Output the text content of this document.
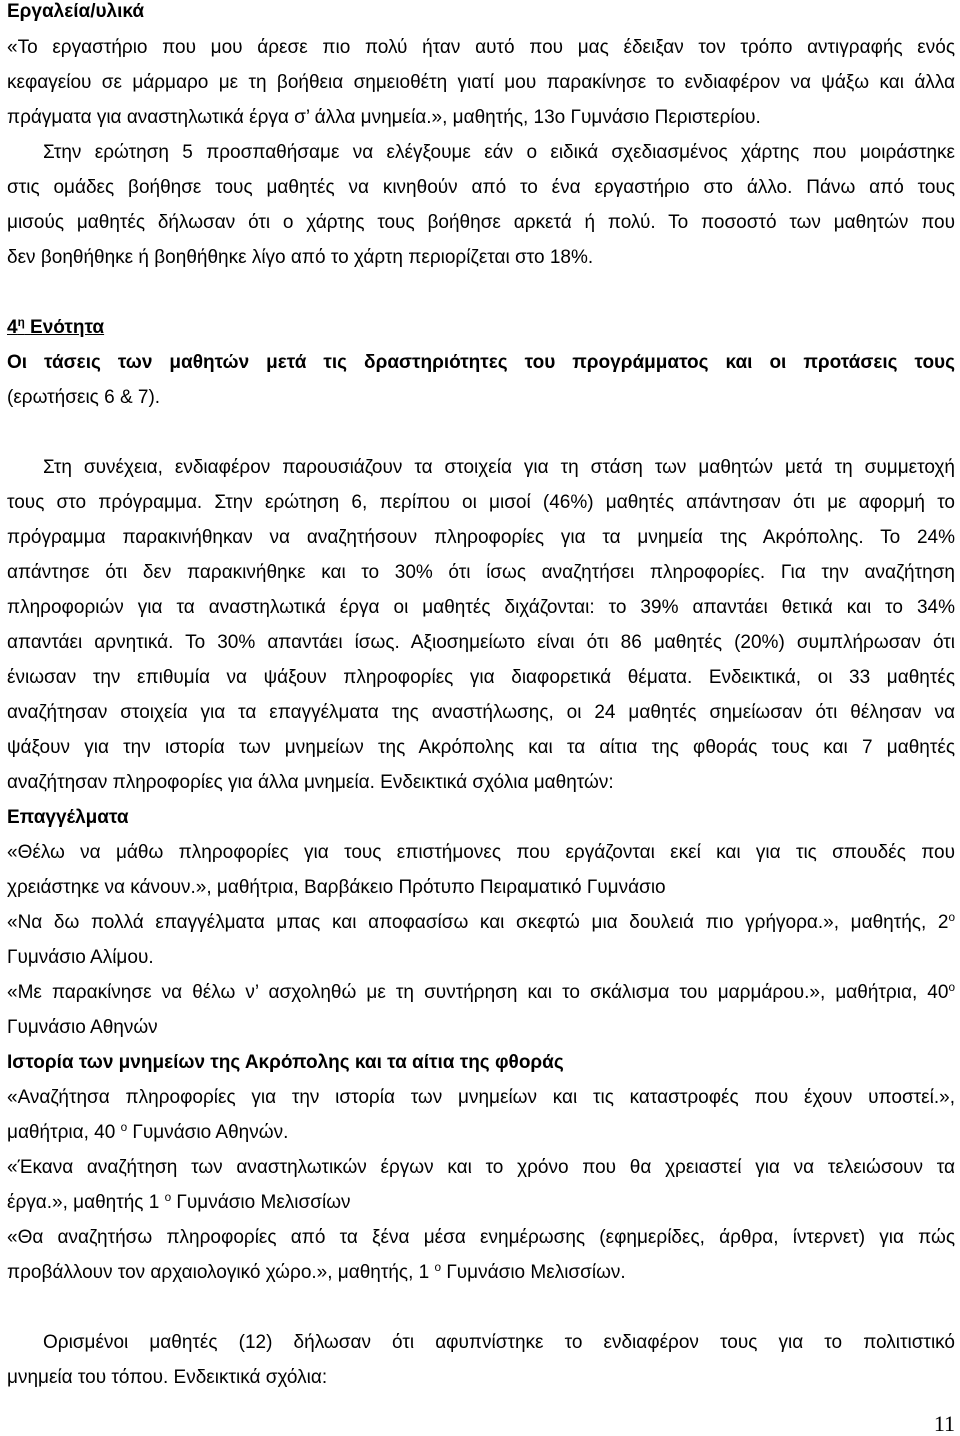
Εργαλεία/υλικά
«Το εργαστήριο που μου άρεσε πιο πολύ ήταν αυτό που μας έδειξαν τον τρόπο αντιγραφής ενός
κεφαγείου σε μάρμαρο με τη βοήθεια σημειοθέτη γιατί μου παρακίνησε το ενδιαφέρον να ψάξω και άλλα
πράγματα για αναστηλωτικά έργα σ’ άλλα μνημεία.», μαθητής, 13ο Γυμνάσιο Περιστερίου.
Στην ερώτηση 5 προσπαθήσαμε να ελέγξουμε εάν ο ειδικά σχεδιασμένος χάρτης που μοιράστηκε
στις ομάδες βοήθησε τους μαθητές να κινηθούν από το ένα εργαστήριο στο άλλο. Πάνω από τους
μισούς μαθητές δήλωσαν ότι ο χάρτης τους βοήθησε αρκετά ή πολύ. Το ποσοστό των μαθητών που
δεν βοηθήθηκε ή βοηθήθηκε λίγο από το χάρτη περιορίζεται στο 18%.
$4^\eta$ Ενότητα
Οι τάσεις των μαθητών μετά τις δραστηριότητες του προγράμματος και οι προτάσεις τους
(ερωτήσεις 6 & 7).
Στη συνέχεια, ενδιαφέρον παρουσιάζουν τα στοιχεία για τη στάση των μαθητών μετά τη συμμετοχή
τους στο πρόγραμμα. Στην ερώτηση 6, περίπου οι μισοί (46%) μαθητές απάντησαν ότι με αφορμή το
πρόγραμμα παρακινήθηκαν να αναζητήσουν πληροφορίες για τα μνημεία της Ακρόπολης. Το 24%
απάντησε ότι δεν παρακινήθηκε και το 30% ότι ίσως αναζητήσει πληροφορίες. Για την αναζήτηση
πληροφοριών για τα αναστηλωτικά έργα οι μαθητές διχάζονται: το 39% απαντάει θετικά και το 34%
απαντάει αρνητικά. Το 30% απαντάει ίσως. Αξιοσημείωτο είναι ότι 86 μαθητές (20%) συμπλήρωσαν ότι
ένιωσαν την επιθυμία να ψάξουν πληροφορίες για διαφορετικά θέματα. Ενδεικτικά, οι 33 μαθητές
αναζήτησαν στοιχεία για τα επαγγέλματα της αναστήλωσης, οι 24 μαθητές σημείωσαν ότι θέλησαν να
ψάξουν για την ιστορία των μνημείων της Ακρόπολης και τα αίτια της φθοράς τους και 7 μαθητές
αναζήτησαν πληροφορίες για άλλα μνημεία. Ενδεικτικά σχόλια μαθητών:
Επαγγέλματα
«Θέλω να μάθω πληροφορίες για τους επιστήμονες που εργάζονται εκεί και για τις σπουδές που
χρειάστηκε να κάνουν.», μαθήτρια, Βαρβάκειο Πρότυπο Πειραματικό Γυμνάσιο
«Να δω πολλά επαγγέλματα μπας και αποφασίσω και σκεφτώ μια δουλειά πιο γρήγορα.», μαθητής, $2^o$
Γυμνάσιο Αλίμου.
«Με παρακίνησε να θέλω ν’ ασχοληθώ με τη συντήρηση και το σκάλισμα του μαρμάρου.», μαθήτρια, $40^o$
Γυμνάσιο Αθηνών
Ιστορία των μνημείων της Ακρόπολης και τα αίτια της φθοράς
«Αναζήτησα πληροφορίες για την ιστορία των μνημείων και τις καταστροφές που έχουν υποστεί.»,
μαθήτρια, 40 $^o$ Γυμνάσιο Αθηνών.
«Έκανα αναζήτηση των αναστηλωτικών έργων και το χρόνο που θα χρειαστεί για να τελειώσουν τα
έργα.», μαθητής 1 $^o$ Γυμνάσιο Μελισσίων
«Θα αναζητήσω πληροφορίες από τα ξένα μέσα ενημέρωσης (εφημερίδες, άρθρα, ίντερνετ) για πώς
προβάλλουν τον αρχαιολογικό χώρο.», μαθητής, 1 $^o$ Γυμνάσιο Μελισσίων.
Ορισμένοι μαθητές (12) δήλωσαν ότι αφυπνίστηκε το ενδιαφέρον τους για το πολιτιστικό
μνημεία του τόπου. Ενδεικτικά σχόλια:
11
